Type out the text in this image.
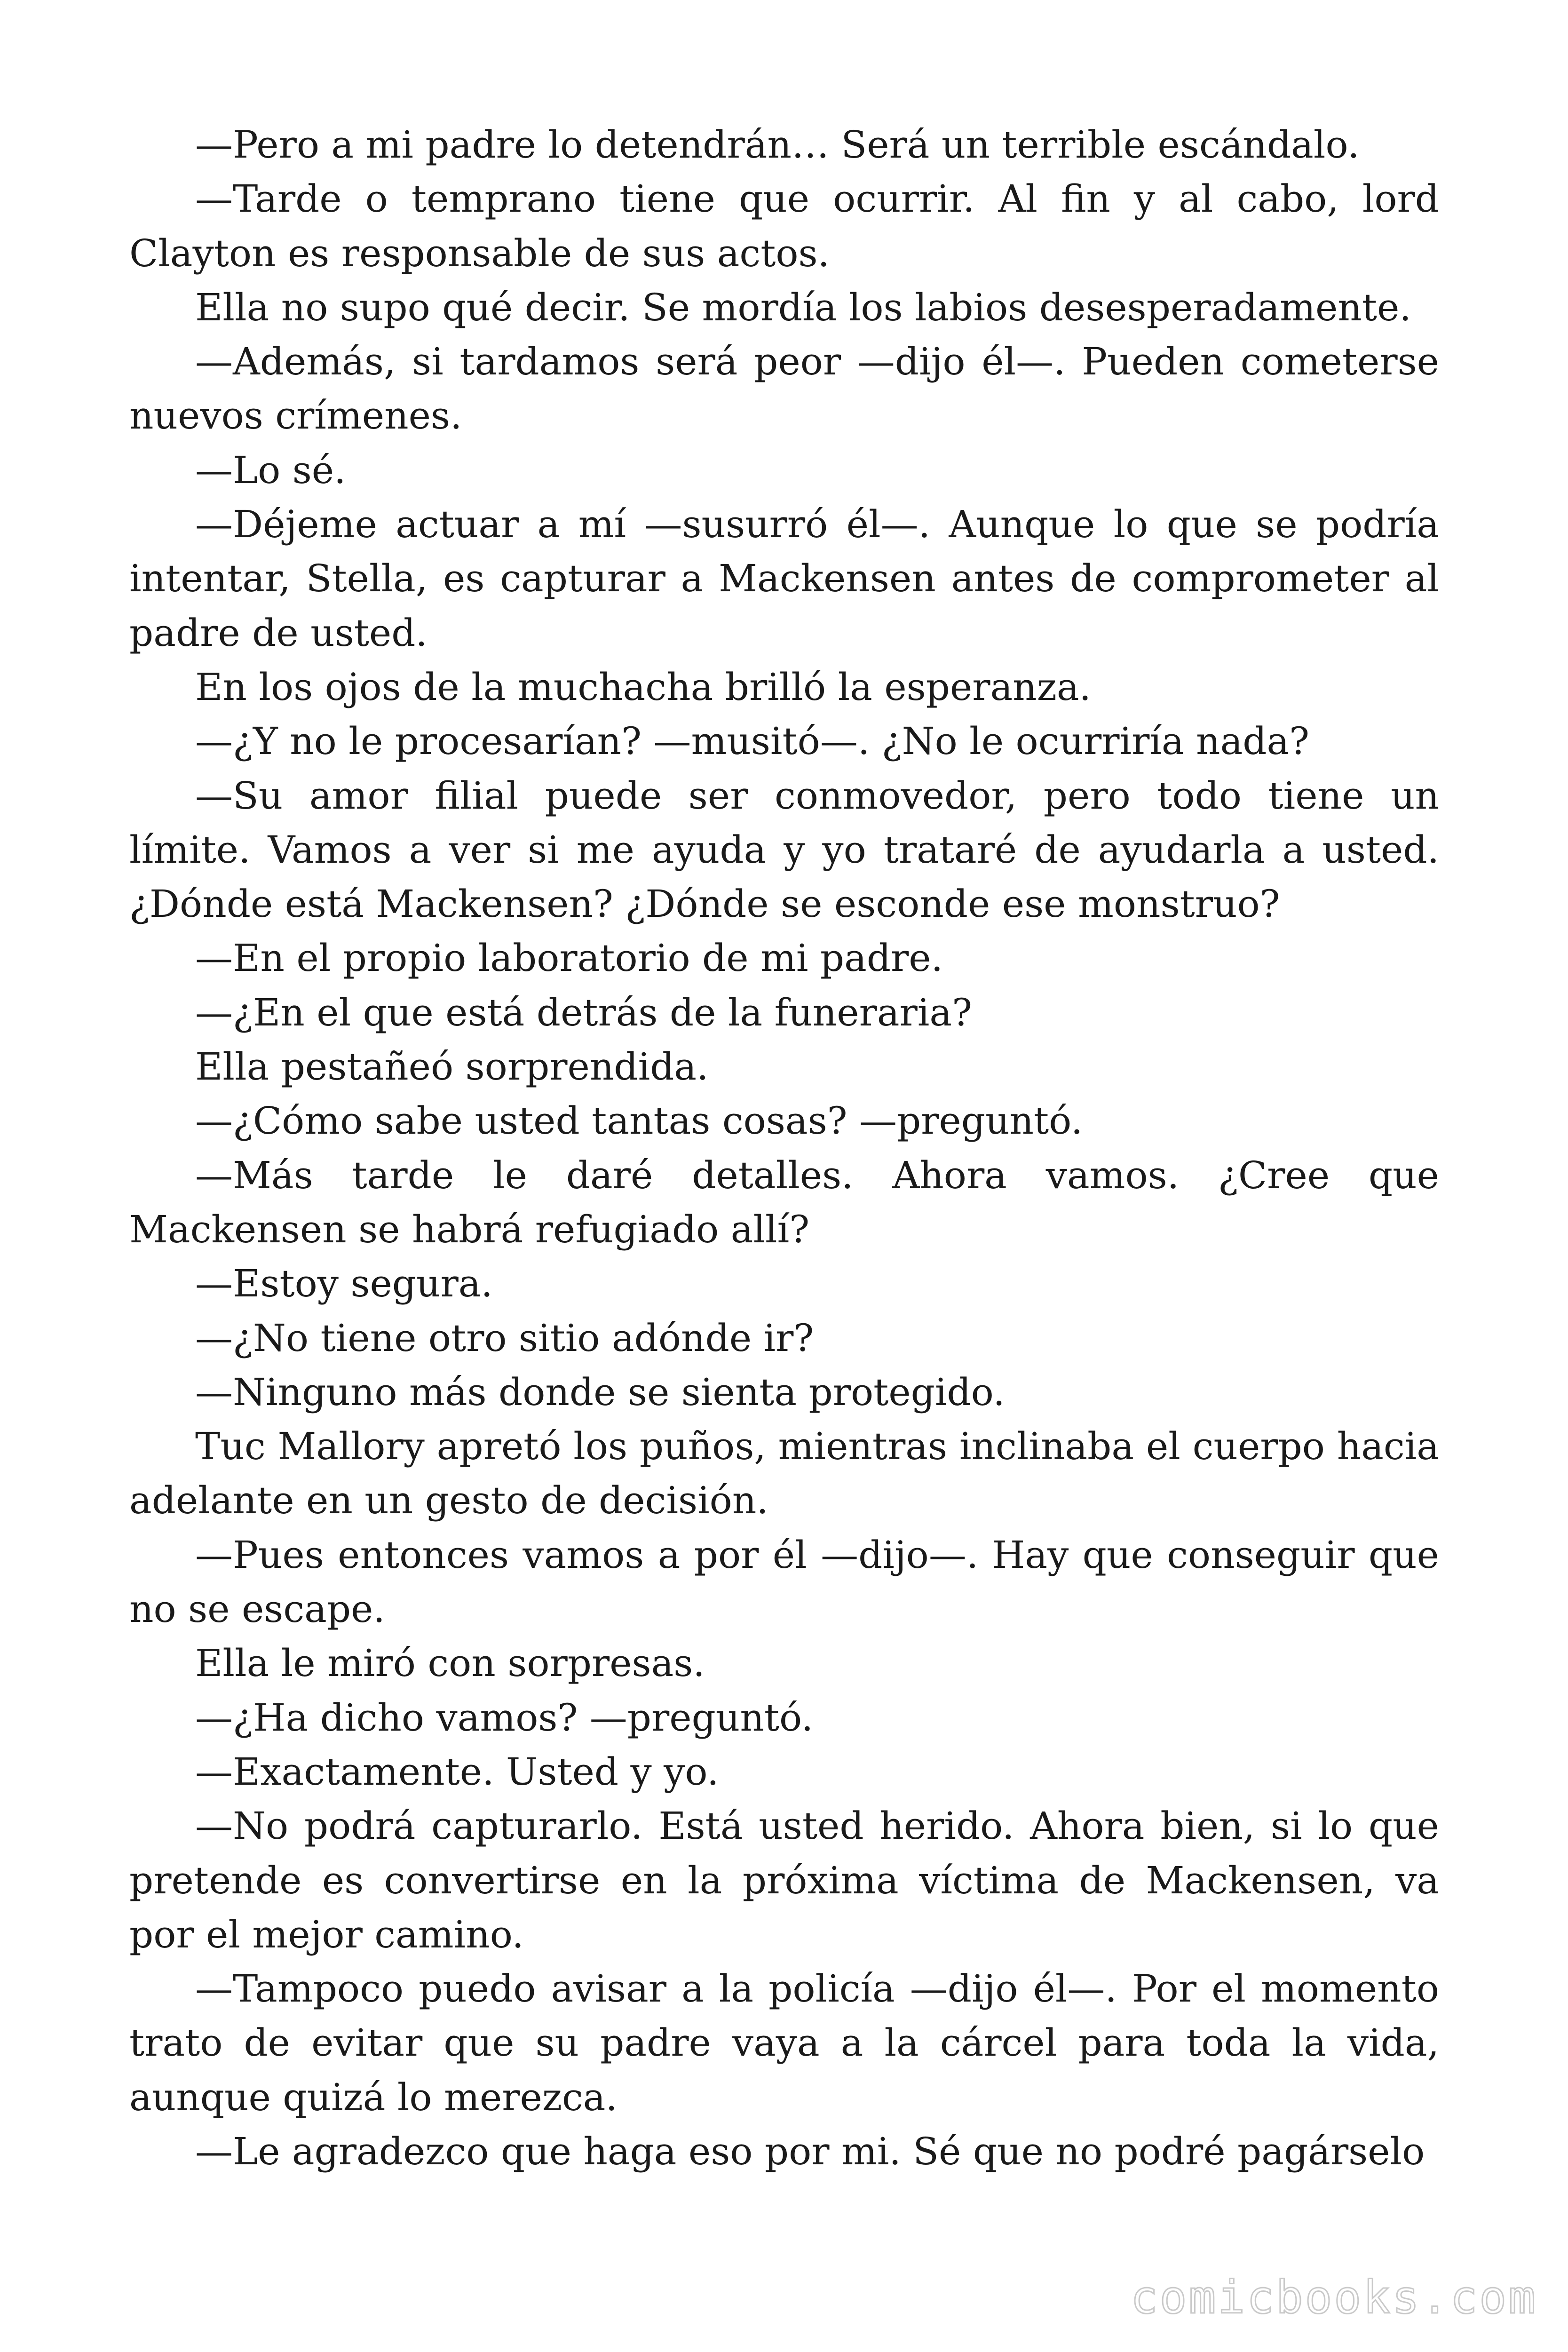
—Pero a mi padre lo detendrán… Será un terrible escándalo.

—Tarde o temprano tiene que ocurrir. Al fin y al cabo, lord Clayton es responsable de sus actos.

Ella no supo qué decir. Se mordía los labios desesperadamente.

—Además, si tardamos será peor —dijo él—. Pueden cometerse nuevos crímenes.

—Lo sé.

—Déjeme actuar a mí —susurró él—. Aunque lo que se podría intentar, Stella, es capturar a Mackensen antes de comprometer al padre de usted.

En los ojos de la muchacha brilló la esperanza.

—¿Y no le procesarían? —musitó—. ¿No le ocurriría nada?

—Su amor filial puede ser conmovedor, pero todo tiene un límite. Vamos a ver si me ayuda y yo trataré de ayudarla a usted. ¿Dónde está Mackensen? ¿Dónde se esconde ese monstruo?

—En el propio laboratorio de mi padre.

—¿En el que está detrás de la funeraria?

Ella pestañeó sorprendida.

—¿Cómo sabe usted tantas cosas? —preguntó.

—Más tarde le daré detalles. Ahora vamos. ¿Cree que Mackensen se habrá refugiado allí?

—Estoy segura.

—¿No tiene otro sitio adónde ir?

—Ninguno más donde se sienta protegido.

Tuc Mallory apretó los puños, mientras inclinaba el cuerpo hacia adelante en un gesto de decisión.

—Pues entonces vamos a por él —dijo—. Hay que conseguir que no se escape.

Ella le miró con sorpresas.

—¿Ha dicho vamos? —preguntó.

—Exactamente. Usted y yo.

—No podrá capturarlo. Está usted herido. Ahora bien, si lo que pretende es convertirse en la próxima víctima de Mackensen, va por el mejor camino.

—Tampoco puedo avisar a la policía —dijo él—. Por el momento trato de evitar que su padre vaya a la cárcel para toda la vida, aunque quizá lo merezca.

—Le agradezco que haga eso por mi. Sé que no podré pagárselo

comicbooks.com
